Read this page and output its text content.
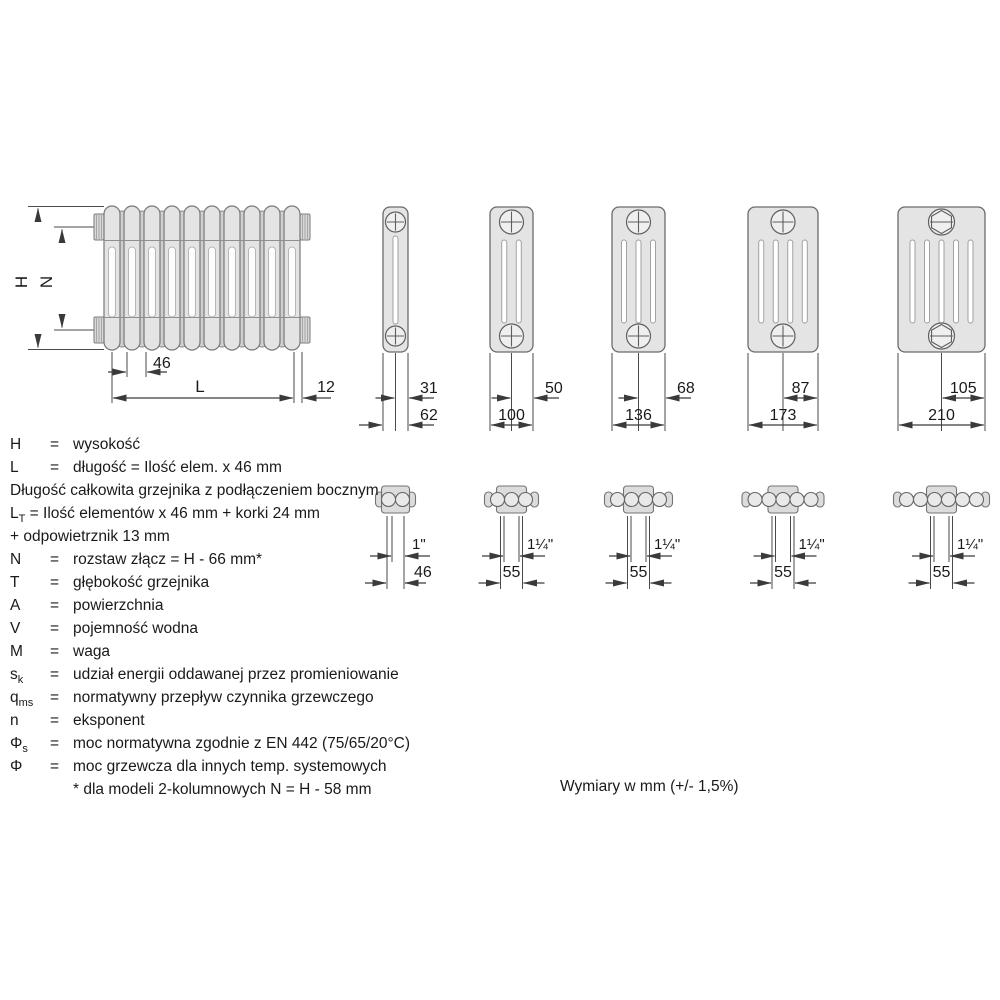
H N
46
L	12	31
62
50
100
68
136
87
173
105
210
1"
46
1¼"
55
1¼"
55
1¼"
55
1¼"
55
H = wysokość
L = długość = Ilość elem. x 46 mm
Długość całkowita grzejnika z podłączeniem bocznym
$L_T$ = Ilość elementów x 46 mm + korki 24 mm
+ odpowietrznik 13 mm
N = rozstaw złącz = H - 66 mm*
T = głębokość grzejnika
A = powierzchnia
V = pojemność wodna
M = waga
$s_k$ = udział energii oddawanej przez promieniowanie
$q_{ms}$ = normatywny przepływ czynnika grzewczego
n = eksponent
$\Phi_s$ = moc normatywna zgodnie z EN 442 (75/65/20°C)
Φ = moc grzewcza dla innych temp. systemowych
* dla modeli 2-kolumnowych N = H - 58 mm	Wymiary w mm (+/- 1,5%)
